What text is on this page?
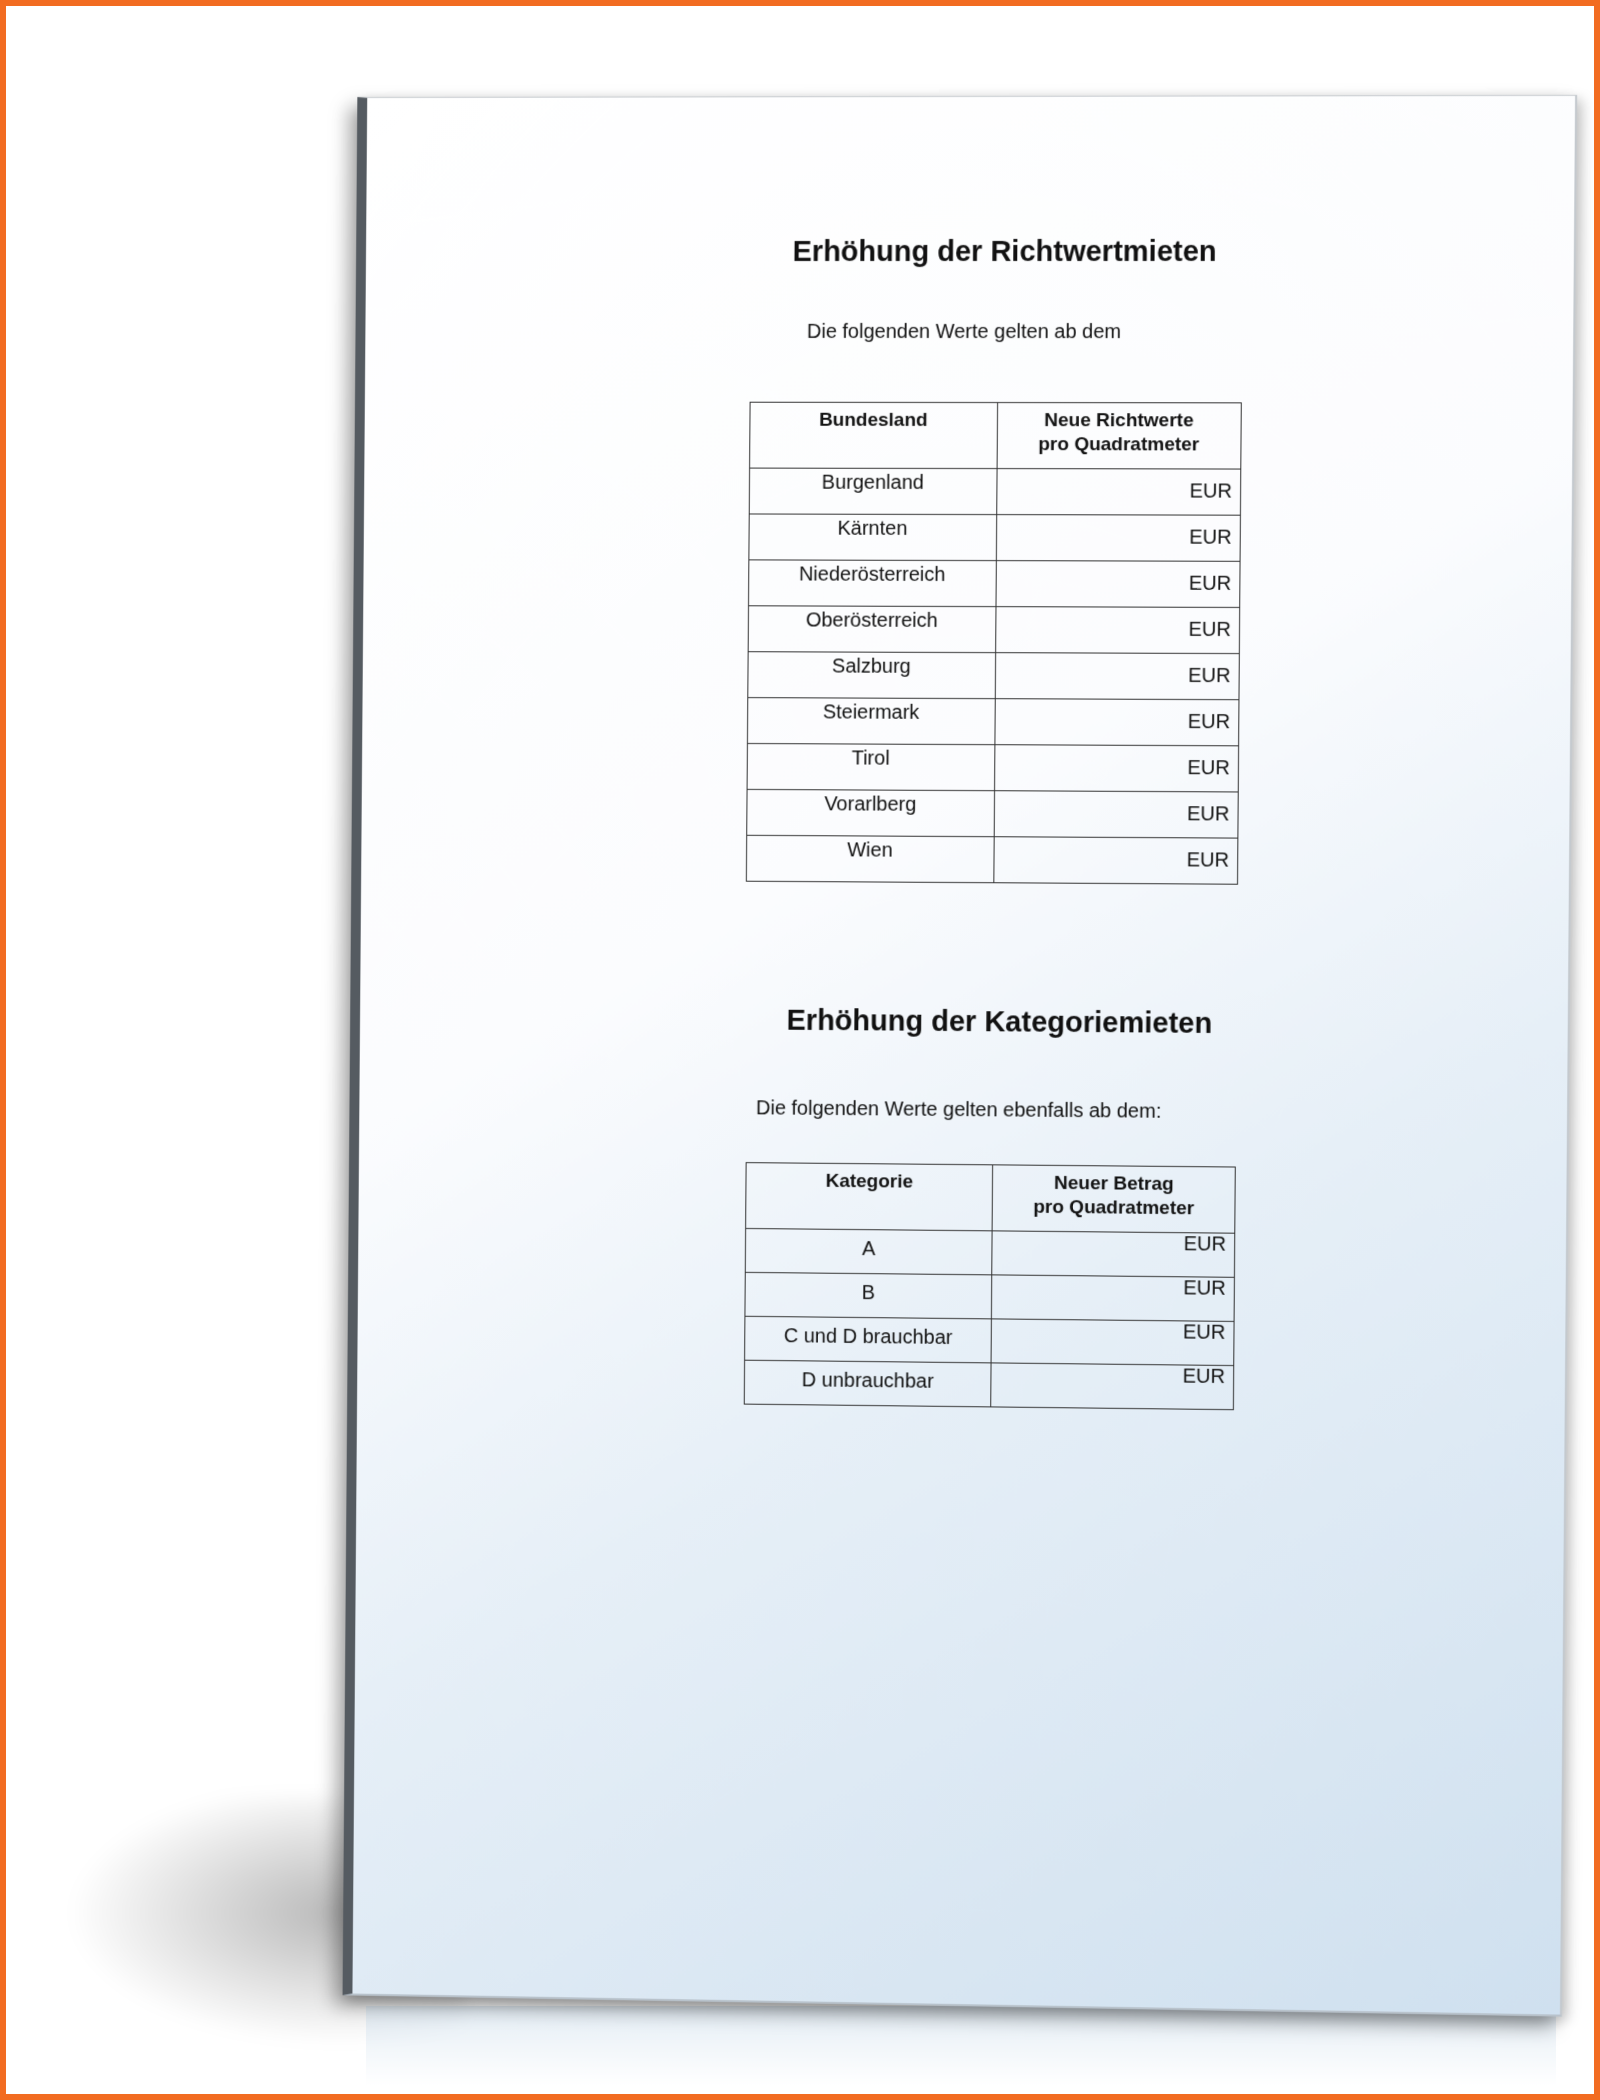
Erhöhung der Richtwertmieten
Die folgenden Werte gelten ab dem
Bundesland	Neue Richtwerte
pro Quadratmeter

Burgenland	EUR
Kärnten	EUR
Niederösterreich	EUR
Oberösterreich	EUR
Salzburg	EUR
Steiermark	EUR
Tirol	EUR
Vorarlberg	EUR
Wien	EUR
Erhöhung der Kategoriemieten
Die folgenden Werte gelten ebenfalls ab dem:
Kategorie	Neuer Betrag
pro Quadratmeter

A	EUR
B	EUR
C und D brauchbar	EUR
D unbrauchbar	EUR
